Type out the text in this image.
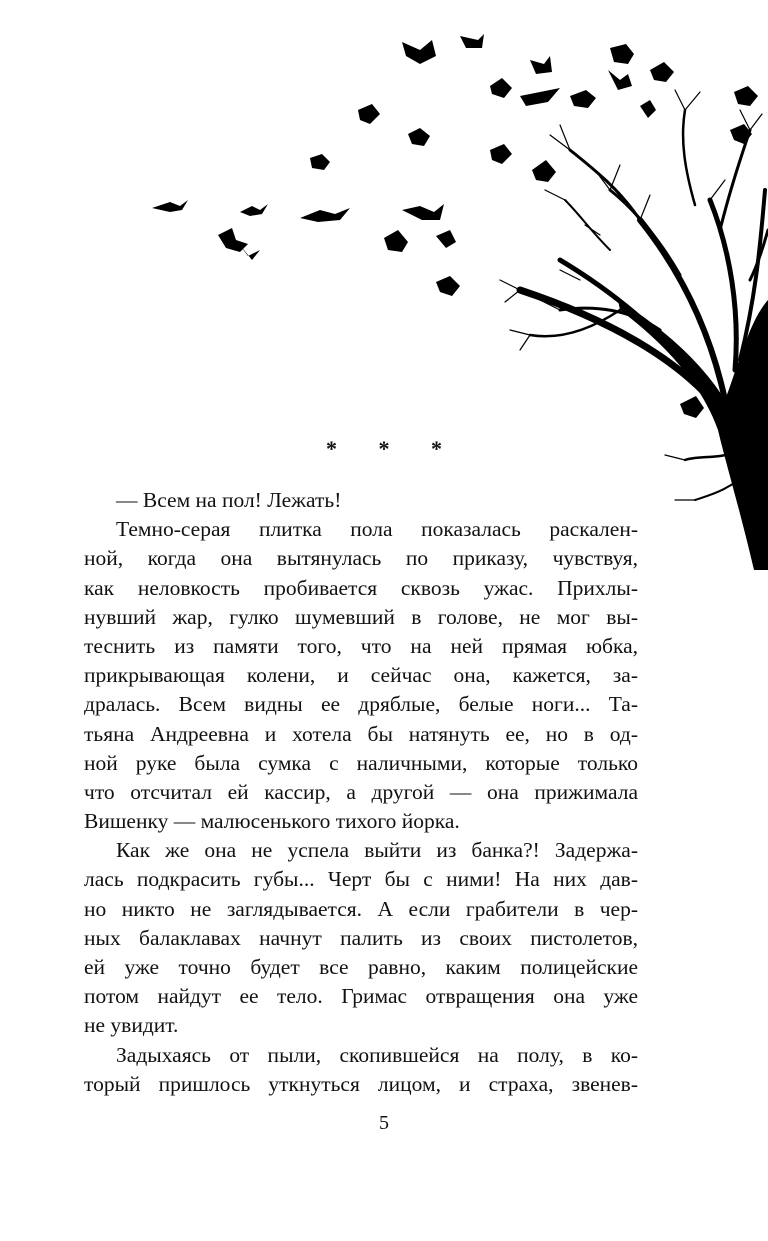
* * *
— Всем на пол! Лежать!
Темно-серая плитка пола показалась раскален-
ной, когда она вытянулась по приказу, чувствуя,
как неловкость пробивается сквозь ужас. Прихлы-
нувший жар, гулко шумевший в голове, не мог вы-
теснить из памяти того, что на ней прямая юбка,
прикрывающая колени, и сейчас она, кажется, за-
дралась. Всем видны ее дряблые, белые ноги... Та-
тьяна Андреевна и хотела бы натянуть ее, но в од-
ной руке была сумка с наличными, которые только
что отсчитал ей кассир, а другой — она прижимала
Вишенку — малюсенького тихого йорка.
Как же она не успела выйти из банка?! Задержа-
лась подкрасить губы... Черт бы с ними! На них дав-
но никто не заглядывается. А если грабители в чер-
ных балаклавах начнут палить из своих пистолетов,
ей уже точно будет все равно, каким полицейские
потом найдут ее тело. Гримас отвращения она уже
не увидит.
Задыхаясь от пыли, скопившейся на полу, в ко-
торый пришлось уткнуться лицом, и страха, звенев-
5
